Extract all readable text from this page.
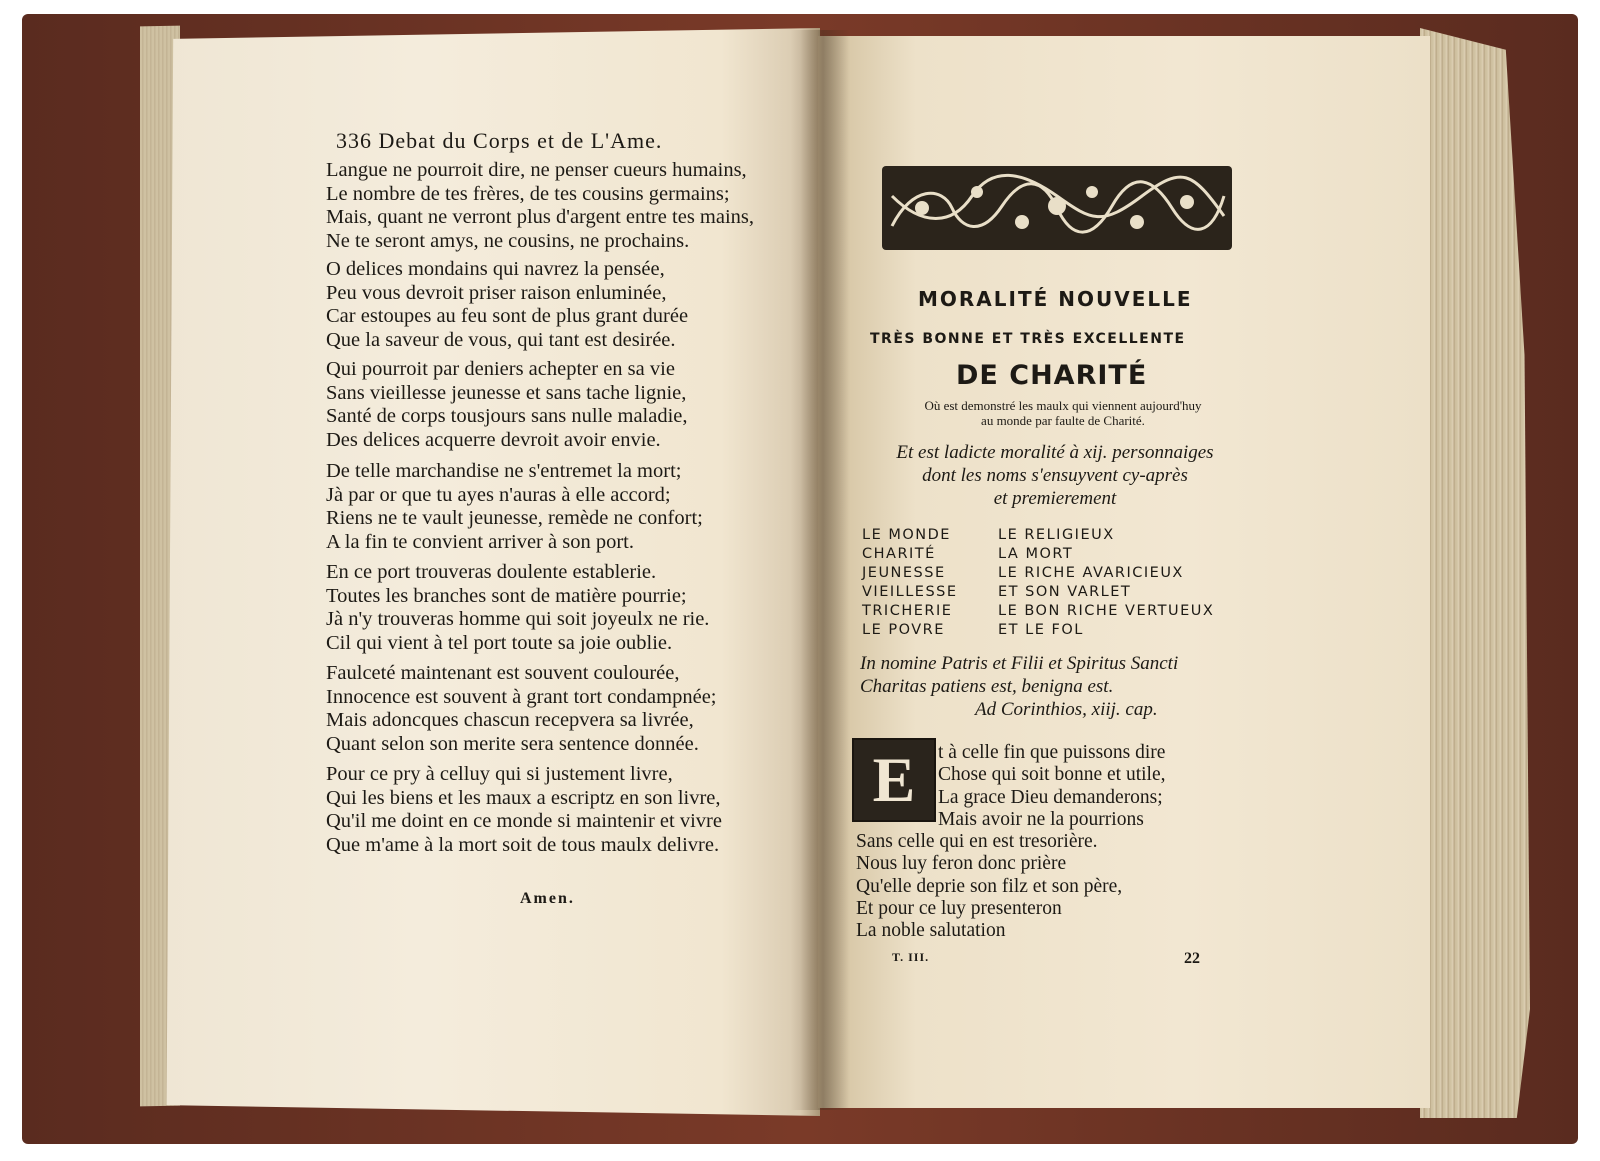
336 Debat du Corps et de L'Ame.
Langue ne pourroit dire, ne penser cueurs humains,
Le nombre de tes frères, de tes cousins germains;
Mais, quant ne verront plus d'argent entre tes mains,
Ne te seront amys, ne cousins, ne prochains.
O delices mondains qui navrez la pensée,
Peu vous devroit priser raison enluminée,
Car estoupes au feu sont de plus grant durée
Que la saveur de vous, qui tant est desirée.
Qui pourroit par deniers achepter en sa vie
Sans vieillesse jeunesse et sans tache lignie,
Santé de corps tousjours sans nulle maladie,
Des delices acquerre devroit avoir envie.
De telle marchandise ne s'entremet la mort;
Jà par or que tu ayes n'auras à elle accord;
Riens ne te vault jeunesse, remède ne confort;
A la fin te convient arriver à son port.
En ce port trouveras doulente establerie.
Toutes les branches sont de matière pourrie;
Jà n'y trouveras homme qui soit joyeulx ne rie.
Cil qui vient à tel port toute sa joie oublie.
Faulceté maintenant est souvent coulourée,
Innocence est souvent à grant tort condampnée;
Mais adoncques chascun recepvera sa livrée,
Quant selon son merite sera sentence donnée.
Pour ce pry à celluy qui si justement livre,
Qui les biens et les maux a escriptz en son livre,
Qu'il me doint en ce monde si maintenir et vivre
Que m'ame à la mort soit de tous maulx delivre.
Amen.
MORALITÉ NOUVELLE
TRÈS BONNE ET TRÈS EXCELLENTE
DE CHARITÉ
Où est demonstré les maulx qui viennent aujourd'huy
au monde par faulte de Charité.
Et est ladicte moralité à xij. personnaiges
dont les noms s'ensuyvent cy-après
et premierement
LE MONDE
CHARITÉ
JEUNESSE
VIEILLESSE
TRICHERIE
LE POVRE
LE RELIGIEUX
LA MORT
LE RICHE AVARICIEUX
ET SON VARLET
LE BON RICHE VERTUEUX
ET LE FOL
In nomine Patris et Filii et Spiritus Sancti
Charitas patiens est, benigna est.
Ad Corinthios, xiij. cap.
E	t à celle fin que puissons dire
Chose qui soit bonne et utile,
La grace Dieu demanderons;
Mais avoir ne la pourrions
Sans celle qui en est tresorière.
Nous luy feron donc prière
Qu'elle deprie son filz et son père,
Et pour ce luy presenteron
La noble salutation
T. III.	22
